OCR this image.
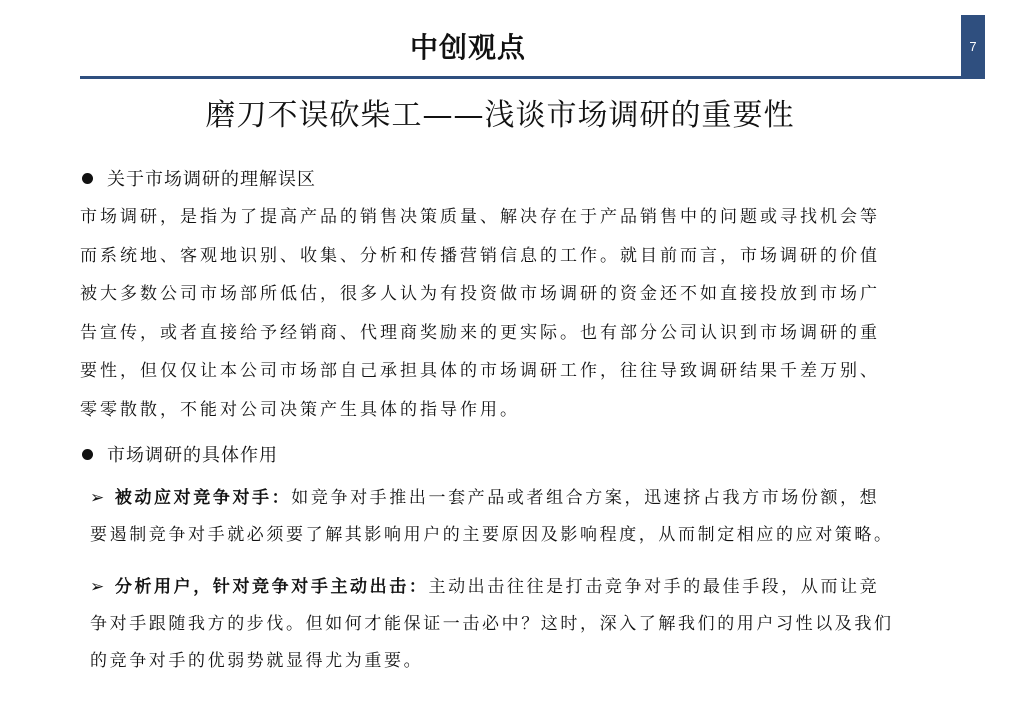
中创观点	7
磨刀不误砍柴工——浅谈市场调研的重要性
关于市场调研的理解误区
市场调研，是指为了提高产品的销售决策质量、解决存在于产品销售中的问题或寻找机会等
而系统地、客观地识别、收集、分析和传播营销信息的工作。就目前而言，市场调研的价值
被大多数公司市场部所低估，很多人认为有投资做市场调研的资金还不如直接投放到市场广
告宣传，或者直接给予经销商、代理商奖励来的更实际。也有部分公司认识到市场调研的重
要性，但仅仅让本公司市场部自己承担具体的市场调研工作，往往导致调研结果千差万别、
零零散散，不能对公司决策产生具体的指导作用。
市场调研的具体作用
➢ 被动应对竞争对手：如竞争对手推出一套产品或者组合方案，迅速挤占我方市场份额，想
要遏制竞争对手就必须要了解其影响用户的主要原因及影响程度，从而制定相应的应对策略。
➢ 分析用户，针对竞争对手主动出击：主动出击往往是打击竞争对手的最佳手段，从而让竞
争对手跟随我方的步伐。但如何才能保证一击必中？这时，深入了解我们的用户习性以及我们
的竞争对手的优弱势就显得尤为重要。
